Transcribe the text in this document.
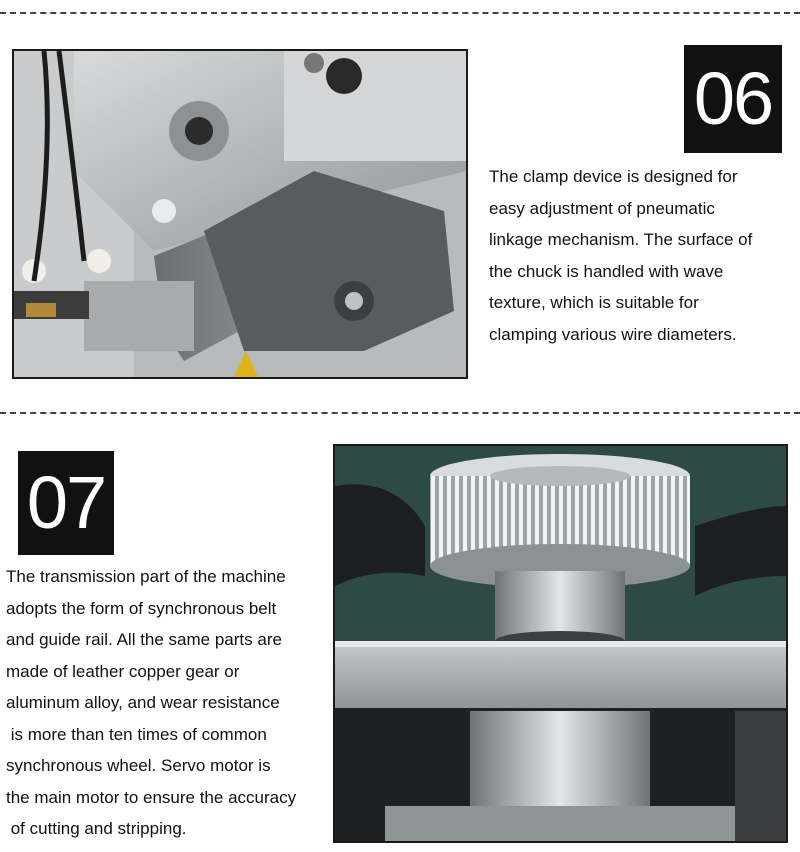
06
The clamp device is designed for
easy adjustment of pneumatic
linkage mechanism. The surface of
the chuck is handled with wave
texture, which is suitable for
clamping various wire diameters.
07
The transmission part of the machine
adopts the form of synchronous belt
and guide rail. All the same parts are
made of leather copper gear or
aluminum alloy, and wear resistance
is more than ten times of common
synchronous wheel. Servo motor is
the main motor to ensure the accuracy
of cutting and stripping.
